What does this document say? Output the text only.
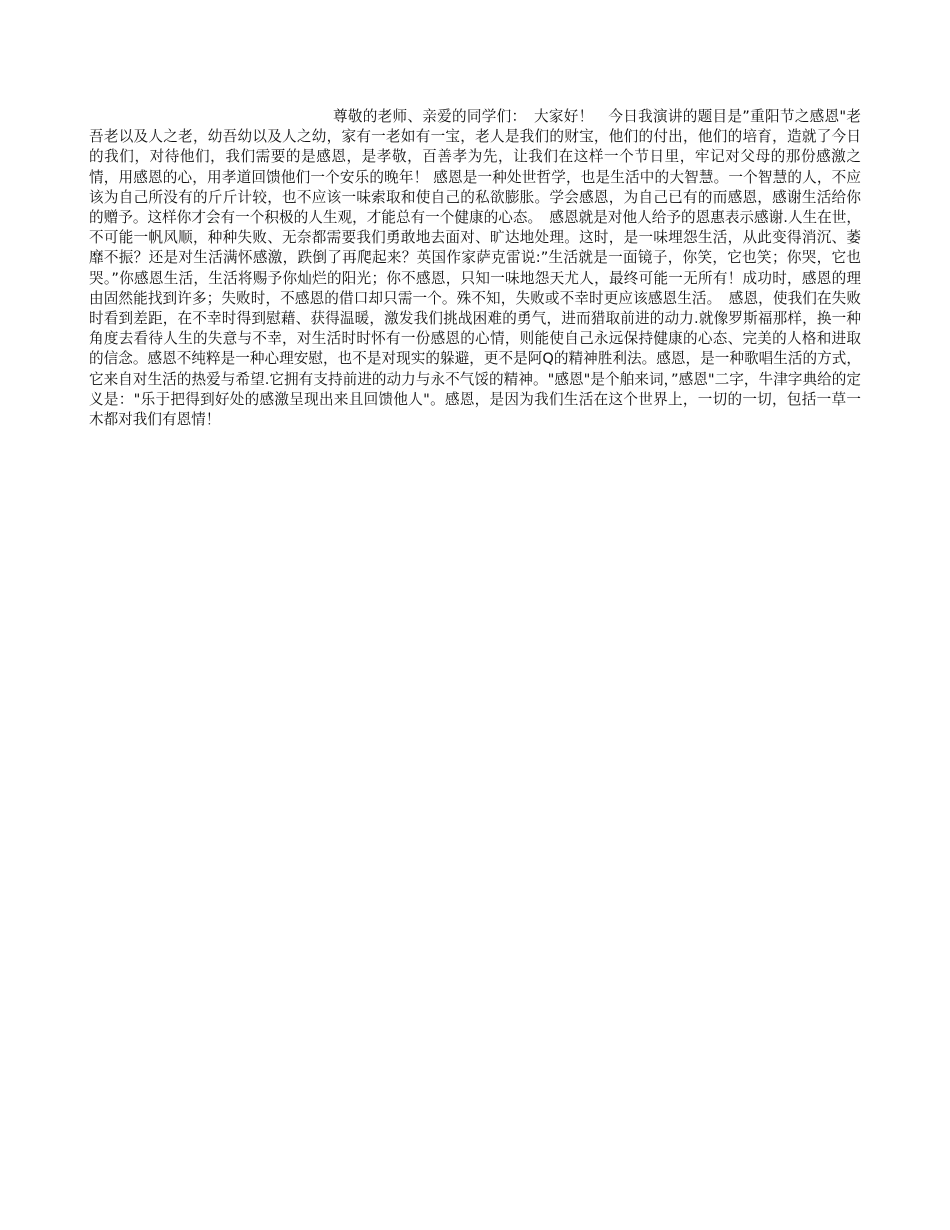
尊敬的老师、亲爱的同学们：　大家好！　今日我演讲的题目是”重阳节之感恩"老吾老以及人之老，幼吾幼以及人之幼，家有一老如有一宝，老人是我们的财宝，他们的付出，他们的培育，造就了今日的我们，对待他们，我们需要的是感恩，是孝敬，百善孝为先，让我们在这样一个节日里，牢记对父母的那份感激之情，用感恩的心，用孝道回馈他们一个安乐的晚年！ 感恩是一种处世哲学，也是生活中的大智慧。一个智慧的人，不应该为自己所没有的斤斤计较，也不应该一味索取和使自己的私欲膨胀。学会感恩，为自己已有的而感恩，感谢生活给你的赠予。这样你才会有一个积极的人生观，才能总有一个健康的心态。　感恩就是对他人给予的恩惠表示感谢.人生在世，不可能一帆风顺，种种失败、无奈都需要我们勇敢地去面对、旷达地处理。这时，是一味埋怨生活，从此变得消沉、萎靡不振？还是对生活满怀感激，跌倒了再爬起来？英国作家萨克雷说:”生活就是一面镜子，你笑，它也笑；你哭，它也哭。”你感恩生活，生活将赐予你灿烂的阳光；你不感恩，只知一味地怨天尤人，最终可能一无所有！成功时，感恩的理由固然能找到许多；失败时，不感恩的借口却只需一个。殊不知，失败或不幸时更应该感恩生活。　感恩，使我们在失败时看到差距，在不幸时得到慰藉、获得温暖，激发我们挑战困难的勇气，进而猎取前进的动力.就像罗斯福那样，换一种角度去看待人生的失意与不幸，对生活时时怀有一份感恩的心情，则能使自己永远保持健康的心态、完美的人格和进取的信念。感恩不纯粹是一种心理安慰，也不是对现实的躲避，更不是阿Q的精神胜利法。感恩，是一种歌唱生活的方式，它来自对生活的热爱与希望.它拥有支持前进的动力与永不气馁的精神。"感恩"是个舶来词，”感恩"二字，牛津字典给的定义是："乐于把得到好处的感激呈现出来且回馈他人"。感恩，是因为我们生活在这个世界上，一切的一切，包括一草一木都对我们有恩情！
